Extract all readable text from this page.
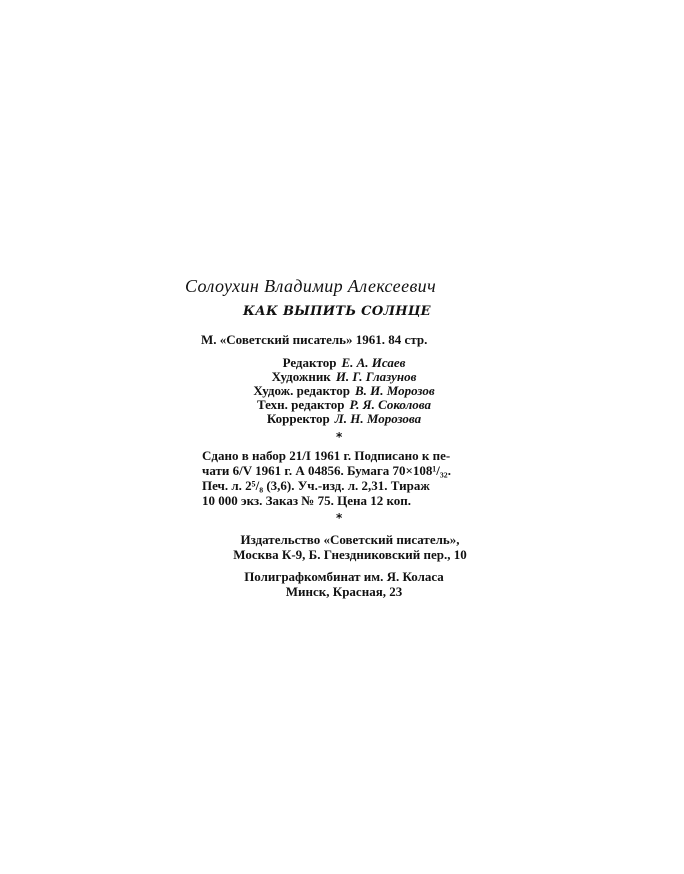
Солоухин Владимир Алексеевич

КАК ВЫПИТЬ СОЛНЦЕ

М. «Советский писатель» 1961. 84 стр.

Редактор Е. А. Исаев
Художник И. Г. Глазунов
Худож. редактор В. И. Морозов
Техн. редактор Р. Я. Соколова
Корректор Л. Н. Морозова
*
Сдано в набор 21/I 1961 г. Подписано к пе-
чати 6/V 1961 г. А 04856. Бумага 70×108¹/₃₂.
Печ. л. 2⁵/₈ (3,6). Уч.-изд. л. 2,31. Тираж
10 000 экз. Заказ № 75. Цена 12 коп.
*
Издательство «Советский писатель»,
Москва К-9, Б. Гнездниковский пер., 10
Полиграфкомбинат им. Я. Коласа
Минск, Красная, 23
